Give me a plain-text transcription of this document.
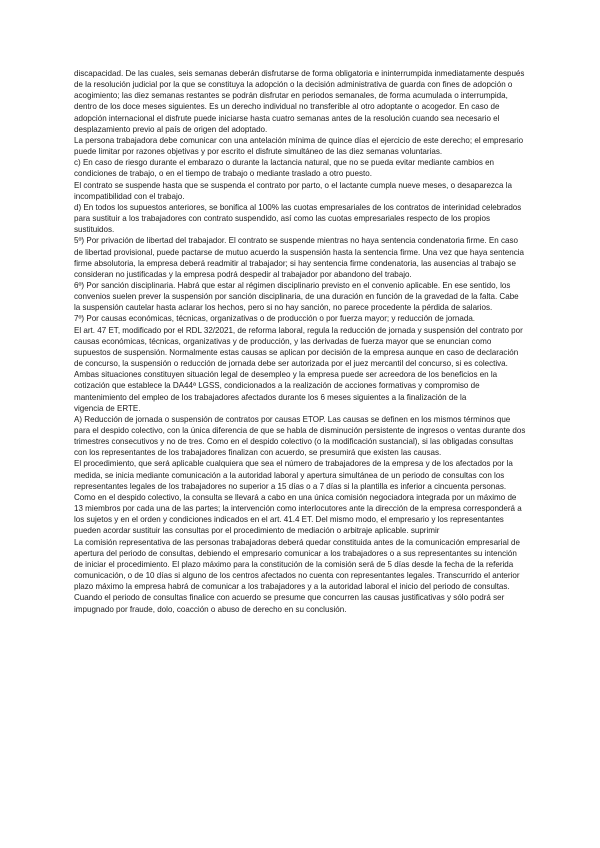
discapacidad. De las cuales, seis semanas deberán disfrutarse de forma obligatoria e ininterrumpida inmediatamente después de la resolución judicial por la que se constituya la adopción o la decisión administrativa de guarda con fines de adopción o acogimiento; las diez semanas restantes se podrán disfrutar en periodos semanales, de forma acumulada o interrumpida, dentro de los doce meses siguientes. Es un derecho individual no transferible al otro adoptante o acogedor. En caso de adopción internacional el disfrute puede iniciarse hasta cuatro semanas antes de la resolución cuando sea necesario el desplazamiento previo al país de origen del adoptado.

La persona trabajadora debe comunicar con una antelación mínima de quince días el ejercicio de este derecho; el empresario puede limitar por razones objetivas y por escrito el disfrute simultáneo de las diez semanas voluntarias.

c) En caso de riesgo durante el embarazo o durante la lactancia natural, que no se pueda evitar mediante cambios en condiciones de trabajo, o en el tiempo de trabajo o mediante traslado a otro puesto.

El contrato se suspende hasta que se suspenda el contrato por parto, o el lactante cumpla nueve meses, o desaparezca la incompatibilidad con el trabajo.

d) En todos los supuestos anteriores, se bonifica al 100% las cuotas empresariales de los contratos de interinidad celebrados para sustituir a los trabajadores con contrato suspendido, así como las cuotas empresariales respecto de los propios sustituidos.

5º) Por privación de libertad del trabajador. El contrato se suspende mientras no haya sentencia condenatoria firme. En caso de libertad provisional, puede pactarse de mutuo acuerdo la suspensión hasta la sentencia firme. Una vez que haya sentencia firme absolutoria, la empresa deberá readmitir al trabajador; si hay sentencia firme condenatoria, las ausencias al trabajo se consideran no justificadas y la empresa podrá despedir al trabajador por abandono del trabajo.

6º) Por sanción disciplinaria. Habrá que estar al régimen disciplinario previsto en el convenio aplicable. En ese sentido, los convenios suelen prever la suspensión por sanción disciplinaria, de una duración en función de la gravedad de la falta. Cabe la suspensión cautelar hasta aclarar los hechos, pero si no hay sanción, no parece procedente la pérdida de salarios.

7º) Por causas económicas, técnicas, organizativas o de producción o por fuerza mayor; y reducción de jornada.

El art. 47 ET, modificado por el RDL 32/2021, de reforma laboral, regula la reducción de jornada y suspensión del contrato por causas económicas, técnicas, organizativas y de producción, y las derivadas de fuerza mayor que se enuncian como supuestos de suspensión. Normalmente estas causas se aplican por decisión de la empresa aunque en caso de declaración de concurso, la suspensión o reducción de jornada debe ser autorizada por el juez mercantil del concurso, si es colectiva. Ambas situaciones constituyen situación legal de desempleo y la empresa puede ser acreedora de los beneficios en la cotización que establece la DA44ª LGSS, condicionados a la realización de acciones formativas y compromiso de mantenimiento del empleo de los trabajadores afectados durante los 6 meses siguientes a la finalización de la

vigencia de ERTE.

A) Reducción de jornada o suspensión de contratos por causas ETOP. Las causas se definen en los mismos términos que para el despido colectivo, con la única diferencia de que se habla de disminución persistente de ingresos o ventas durante dos trimestres consecutivos y no de tres. Como en el despido colectivo (o la modificación sustancial), si las obligadas consultas con los representantes de los trabajadores finalizan con acuerdo, se presumirá que existen las causas.

El procedimiento, que será aplicable cualquiera que sea el número de trabajadores de la empresa y de los afectados por la medida, se inicia mediante comunicación a la autoridad laboral y apertura simultánea de un periodo de consultas con los representantes legales de los trabajadores no superior a 15 días o a 7 días si la plantilla es inferior a cincuenta personas. Como en el despido colectivo, la consulta se llevará a cabo en una única comisión negociadora integrada por un máximo de 13 miembros por cada una de las partes; la intervención como interlocutores ante la dirección de la empresa corresponderá a los sujetos y en el orden y condiciones indicados en el art. 41.4 ET. Del mismo modo, el empresario y los representantes pueden acordar sustituir las consultas por el procedimiento de mediación o arbitraje aplicable. suprimir

La comisión representativa de las personas trabajadoras deberá quedar constituida antes de la comunicación empresarial de apertura del periodo de consultas, debiendo el empresario comunicar a los trabajadores o a sus representantes su intención de iniciar el procedimiento. El plazo máximo para la constitución de la comisión será de 5 días desde la fecha de la referida comunicación, o de 10 días si alguno de los centros afectados no cuenta con representantes legales. Transcurrido el anterior plazo máximo la empresa habrá de comunicar a los trabajadores y a la autoridad laboral el inicio del periodo de consultas.

Cuando el periodo de consultas finalice con acuerdo se presume que concurren las causas justificativas y sólo podrá ser impugnado por fraude, dolo, coacción o abuso de derecho en su conclusión.
